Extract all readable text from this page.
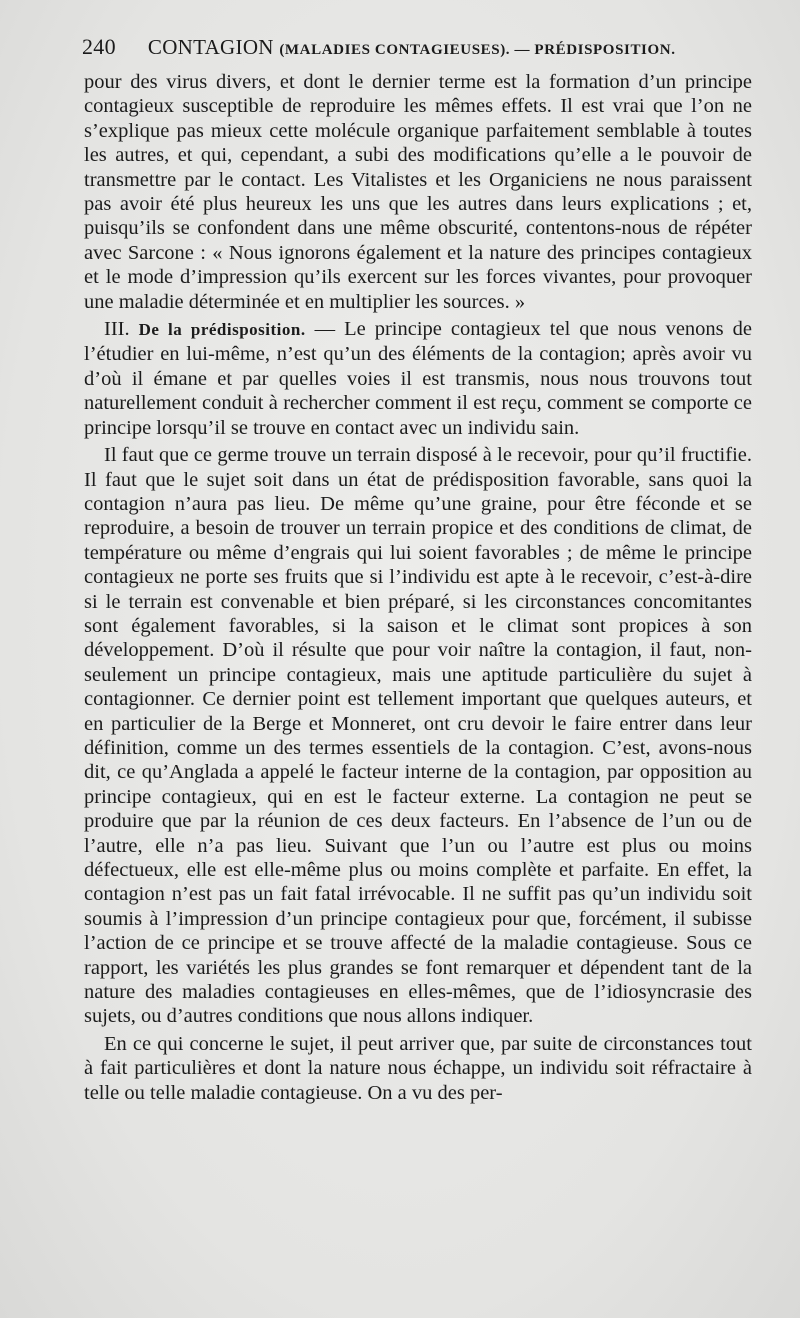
240 CONTAGION (MALADIES CONTAGIEUSES). — PRÉDISPOSITION.

pour des virus divers, et dont le dernier terme est la formation d’un principe contagieux susceptible de reproduire les mêmes effets. Il est vrai que l’on ne s’explique pas mieux cette molécule organique parfaitement semblable à toutes les autres, et qui, cependant, a subi des modifications qu’elle a le pouvoir de transmettre par le contact. Les Vitalistes et les Organiciens ne nous paraissent pas avoir été plus heureux les uns que les autres dans leurs explications ; et, puisqu’ils se confondent dans une même obscurité, contentons-nous de répéter avec Sarcone : « Nous ignorons également et la nature des principes contagieux et le mode d’impression qu’ils exercent sur les forces vivantes, pour provoquer une maladie déterminée et en multiplier les sources. »

III. De la prédisposition. — Le principe contagieux tel que nous venons de l’étudier en lui-même, n’est qu’un des éléments de la contagion; après avoir vu d’où il émane et par quelles voies il est transmis, nous nous trouvons tout naturellement conduit à rechercher comment il est reçu, comment se comporte ce principe lorsqu’il se trouve en contact avec un individu sain.

Il faut que ce germe trouve un terrain disposé à le recevoir, pour qu’il fructifie. Il faut que le sujet soit dans un état de prédisposition favorable, sans quoi la contagion n’aura pas lieu. De même qu’une graine, pour être féconde et se reproduire, a besoin de trouver un terrain propice et des conditions de climat, de température ou même d’engrais qui lui soient favorables ; de même le principe contagieux ne porte ses fruits que si l’individu est apte à le recevoir, c’est-à-dire si le terrain est convenable et bien préparé, si les circonstances concomitantes sont également favorables, si la saison et le climat sont propices à son développement. D’où il résulte que pour voir naître la contagion, il faut, non-seulement un principe contagieux, mais une aptitude particulière du sujet à contagionner. Ce dernier point est tellement important que quelques auteurs, et en particulier de la Berge et Monneret, ont cru devoir le faire entrer dans leur définition, comme un des termes essentiels de la contagion. C’est, avons-nous dit, ce qu’Anglada a appelé le facteur interne de la contagion, par opposition au principe contagieux, qui en est le facteur externe. La contagion ne peut se produire que par la réunion de ces deux facteurs. En l’absence de l’un ou de l’autre, elle n’a pas lieu. Suivant que l’un ou l’autre est plus ou moins défectueux, elle est elle-même plus ou moins complète et parfaite. En effet, la contagion n’est pas un fait fatal irrévocable. Il ne suffit pas qu’un individu soit soumis à l’impression d’un principe contagieux pour que, forcément, il subisse l’action de ce principe et se trouve affecté de la maladie contagieuse. Sous ce rapport, les variétés les plus grandes se font remarquer et dépendent tant de la nature des maladies contagieuses en elles-mêmes, que de l’idiosyncrasie des sujets, ou d’autres conditions que nous allons indiquer.

En ce qui concerne le sujet, il peut arriver que, par suite de circonstances tout à fait particulières et dont la nature nous échappe, un individu soit réfractaire à telle ou telle maladie contagieuse. On a vu des per-
